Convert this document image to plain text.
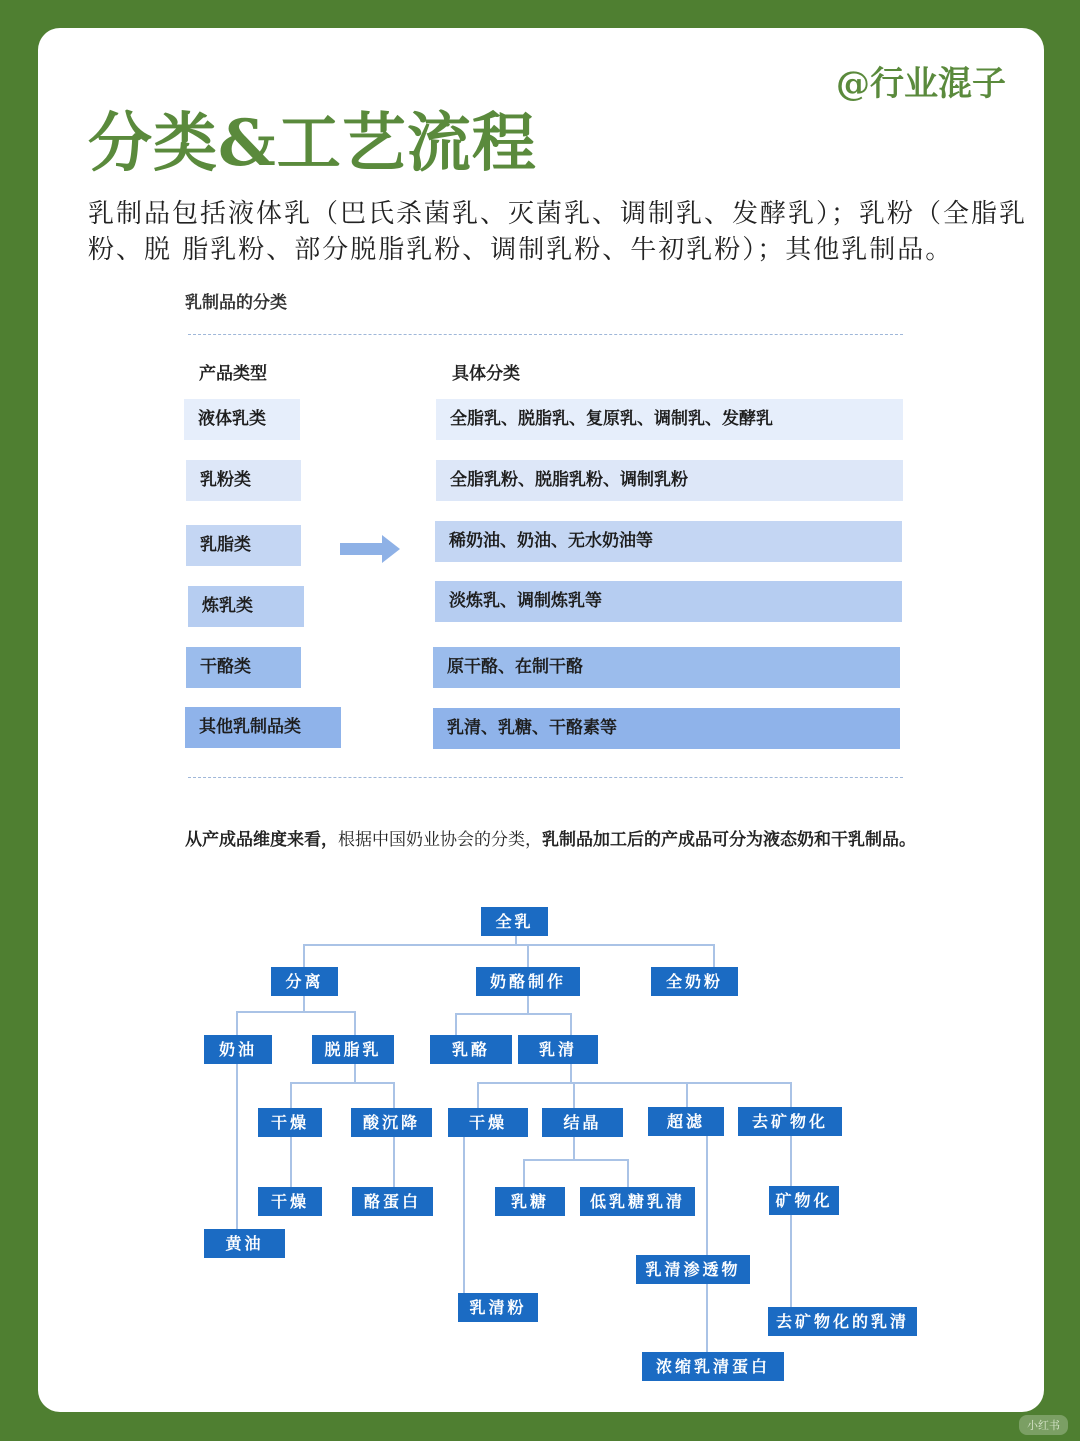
@行业混子
分类&工艺流程
乳制品包括液体乳（巴氏杀菌乳、灭菌乳、调制乳、发酵乳）；乳粉（全脂乳粉、脱 脂乳粉、部分脱脂乳粉、调制乳粉、牛初乳粉）；其他乳制品。
乳制品的分类
产品类型	具体分类
液体乳类	全脂乳、脱脂乳、复原乳、调制乳、发酵乳
乳粉类	全脂乳粉、脱脂乳粉、调制乳粉
乳脂类	稀奶油、奶油、无水奶油等
炼乳类	淡炼乳、调制炼乳等
干酪类	原干酪、在制干酪
其他乳制品类	乳清、乳糖、干酪素等
从产成品维度来看，根据中国奶业协会的分类，乳制品加工后的产成品可分为液态奶和干乳制品。
全乳
分离	奶酪制作	全奶粉
奶油	脱脂乳	乳酪	乳清
干燥	酸沉降	干燥	结晶	超滤	去矿物化
干燥	酪蛋白	乳糖	低乳糖乳清	矿物化
黄油
乳清渗透物
乳清粉
去矿物化的乳清
浓缩乳清蛋白
小红书
